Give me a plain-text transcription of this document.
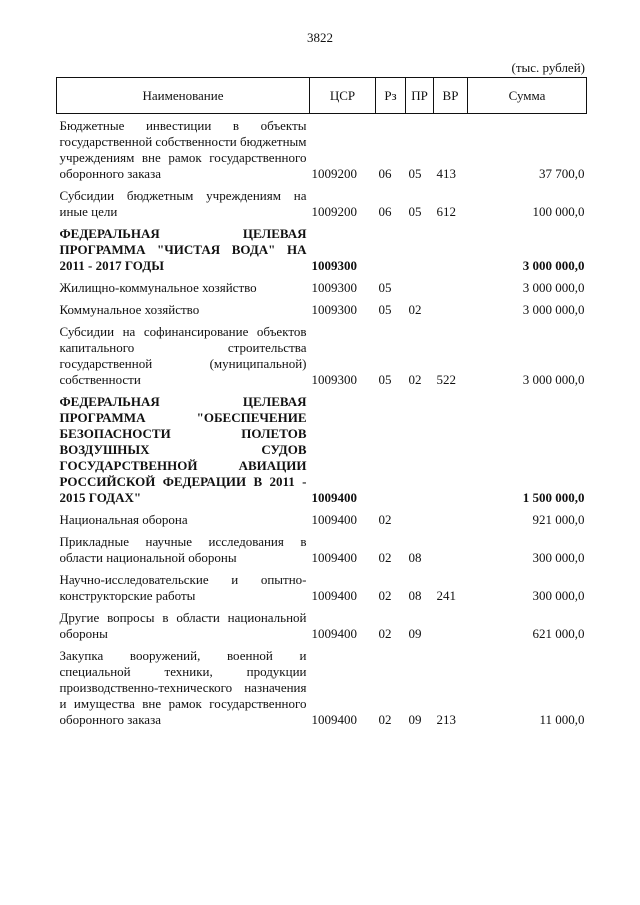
3822
(тыс. рублей)
Наименование	ЦСР	Рз	ПР	ВР	Сумма
Бюджетные инвестиции в объекты государственной собственности бюджетным учреждениям вне рамок государственного оборонного заказа	1009200	06	05	413	37 700,0
Субсидии бюджетным учреждениям на иные цели	1009200	06	05	612	100 000,0
ФЕДЕРАЛЬНАЯ ЦЕЛЕВАЯ ПРОГРАММА "ЧИСТАЯ ВОДА" НА 2011 - 2017 ГОДЫ	1009300				3 000 000,0
Жилищно-коммунальное хозяйство	1009300	05			3 000 000,0
Коммунальное хозяйство	1009300	05	02		3 000 000,0
Субсидии на софинансирование объектов капитального строительства государственной (муниципальной) собственности	1009300	05	02	522	3 000 000,0
ФЕДЕРАЛЬНАЯ ЦЕЛЕВАЯ ПРОГРАММА "ОБЕСПЕЧЕНИЕ БЕЗОПАСНОСТИ ПОЛЕТОВ ВОЗДУШНЫХ СУДОВ ГОСУДАРСТВЕННОЙ АВИАЦИИ РОССИЙСКОЙ ФЕДЕРАЦИИ В 2011 - 2015 ГОДАХ"	1009400				1 500 000,0
Национальная оборона	1009400	02			921 000,0
Прикладные научные исследования в области национальной обороны	1009400	02	08		300 000,0
Научно-исследовательские и опытно-конструкторские работы	1009400	02	08	241	300 000,0
Другие вопросы в области национальной обороны	1009400	02	09		621 000,0
Закупка вооружений, военной и специальной техники, продукции производственно-технического назначения и имущества вне рамок государственного оборонного заказа	1009400	02	09	213	11 000,0
